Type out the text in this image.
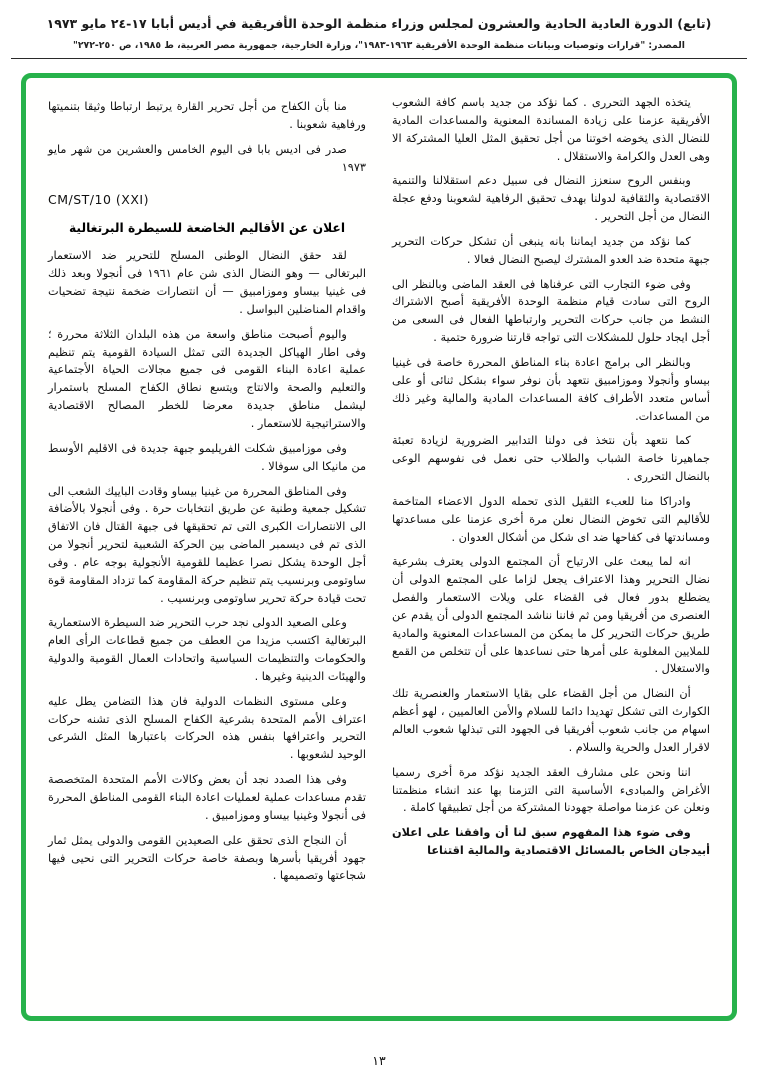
(تابع) الدورة العادية الحادية والعشرون لمجلس وزراء منظمة الوحدة الأفريقية في أديس أبابا ١٧-٢٤ مايو ١٩٧٣
المصدر: "قرارات وتوصيات وبيانات منظمة الوحدة الأفريقية ١٩٦٣-١٩٨٣"، وزارة الخارجية، جمهورية مصر العربية، ط ١٩٨٥، ص ٢٥٠-٢٧٢"

يتخذه الجهد التحررى . كما نؤكد من جديد باسم كافة الشعوب الأفريقية عزمنا على زيادة المساندة المعنوية والمساعدات المادية للنضال الذى يخوضه اخوتنا من أجل تحقيق المثل العليا المشتركة الا وهى العدل والكرامة والاستقلال .

وبنفس الروح سنعزز النضال فى سبيل دعم استقلالنا والتنمية الاقتصادية والثقافية لدولنا بهدف تحقيق الرفاهية لشعوبنا ودفع عجلة النضال من أجل التحرير .

كما نؤكد من جديد ايماننا بانه ينبغى أن تشكل حركات التحرير جبهة متحدة ضد العدو المشترك ليصبح النضال فعالا .

وفى ضوء التجارب التى عرفناها فى العقد الماضى وبالنظر الى الروح التى سادت قيام منظمة الوحدة الأفريقية أصبح الاشتراك النشط من جانب حركات التحرير وارتباطها الفعال فى السعى من أجل ايجاد حلول للمشكلات التى تواجه قارتنا ضرورة حتمية .

وبالنظر الى برامج اعادة بناء المناطق المحررة خاصة فى غينيا بيساو وأنجولا وموزامبيق نتعهد بأن نوفر سواء بشكل ثنائى أو على أساس متعدد الأطراف كافة المساعدات المادية والمالية وغير ذلك من المساعدات.

كما نتعهد بأن نتخذ فى دولنا التدابير الضرورية لزيادة تعبئة جماهيرنا خاصة الشباب والطلاب حتى نعمل فى نفوسهم الوعى بالنضال التحررى .

وادراكا منا للعبء الثقيل الذى تحمله الدول الاعضاء المتاخمة للأقاليم التى تخوض النضال نعلن مرة أخرى عزمنا على مساعدتها ومساندتها فى كفاحها ضد اى شكل من أشكال العدوان .

انه لما يبعث على الارتياح أن المجتمع الدولى يعترف بشرعية نضال التحرير وهذا الاعتراف يجعل لزاما على المجتمع الدولى أن يضطلع بدور فعال فى القضاء على ويلات الاستعمار والفصل العنصرى من أفريقيا ومن ثم فاننا نناشد المجتمع الدولى أن يقدم عن طريق حركات التحرير كل ما يمكن من المساعدات المعنوية والمادية للملايين المغلوبة على أمرها حتى نساعدها على أن تتخلص من القمع والاستغلال .

أن النضال من أجل القضاء على بقايا الاستعمار والعنصرية تلك الكوارث التى تشكل تهديدا دائما للسلام والأمن العالميين ، لهو أعظم اسهام من جانب شعوب أفريقيا فى الجهود التى تبذلها شعوب العالم لاقرار العدل والحرية والسلام .

اننا ونحن على مشارف العقد الجديد نؤكد مرة أخرى رسميا الأغراض والمبادىء الأساسية التى التزمنا بها عند انشاء منظمتنا ونعلن عن عزمنا مواصلة جهودنا المشتركة من أجل تطبيقها كاملة .

وفى ضوء هذا المفهوم سبق لنا أن وافقنا على اعلان أبيدجان الخاص بالمسائل الاقتصادية والمالية اقتناعا

منا بأن الكفاح من أجل تحرير القارة يرتبط ارتباطا وثيقا بتنميتها ورفاهية شعوبنا .

صدر فى اديس بابا فى اليوم الخامس والعشرين من شهر مايو ١٩٧٣

CM/ST/10 (XXI)
اعلان عن الأقاليم الخاضعة للسيطرة البرتغالية

لقد حقق النضال الوطنى المسلح للتحرير ضد الاستعمار البرتغالى — وهو النضال الذى شن عام ١٩٦١ فى أنجولا وبعد ذلك فى غينيا بيساو وموزامبيق — أن انتصارات ضخمة نتيجة تضحيات واقدام المناضلين البواسل .

واليوم أصبحت مناطق واسعة من هذه البلدان الثلاثة محررة ؛ وفى اطار الهياكل الجديدة التى تمثل السيادة القومية يتم تنظيم عملية اعادة البناء القومى فى جميع مجالات الحياة الأجتماعية والتعليم والصحة والانتاج ويتسع نطاق الكفاح المسلح باستمرار ليشمل مناطق جديدة معرضا للخطر المصالح الاقتصادية والاستراتيجية للاستعمار .

وفى موزامبيق شكلت الفريليمو جبهة جديدة فى الاقليم الأوسط من مانيكا الى سوفالا .

وفى المناطق المحررة من غينيا بيساو وقادت الباييك الشعب الى تشكيل جمعية وطنية عن طريق انتخابات حرة . وفى أنجولا بالأضافة الى الانتصارات الكبرى التى تم تحقيقها فى جبهة القتال فان الاتفاق الذى تم فى ديسمبر الماضى بين الحركة الشعبية لتحرير أنجولا من أجل الوحدة يشكل نصرا عظيما للقومية الأنجولية بوجه عام . وفى ساوتومى وبرنسيب يتم تنظيم حركة المقاومة كما تزداد المقاومة قوة تحت قيادة حركة تحرير ساوتومى وبرنسيب .

وعلى الصعيد الدولى نجد حرب التحرير ضد السيطرة الاستعمارية البرتغالية اكتسب مزيدا من العطف من جميع قطاعات الرأى العام والحكومات والتنظيمات السياسية واتحادات العمال القومية والدولية والهيئات الدينية وغيرها .

وعلى مستوى النظمات الدولية فان هذا التضامن يطل عليه اعتراف الأمم المتحدة بشرعية الكفاح المسلح الذى تشنه حركات التحرير واعترافها بنفس هذه الحركات باعتبارها المثل الشرعى الوحيد لشعوبها .

وفى هذا الصدد نجد أن بعض وكالات الأمم المتحدة المتخصصة تقدم مساعدات عملية لعمليات اعادة البناء القومى المناطق المحررة فى أنجولا وغينيا بيساو وموزامبيق .

أن النجاح الذى تحقق على الصعيدين القومى والدولى يمثل ثمار جهود أفريقيا بأسرها وبصفة خاصة حركات التحرير التى نحيى فيها شجاعتها وتصميمها .

١٣
